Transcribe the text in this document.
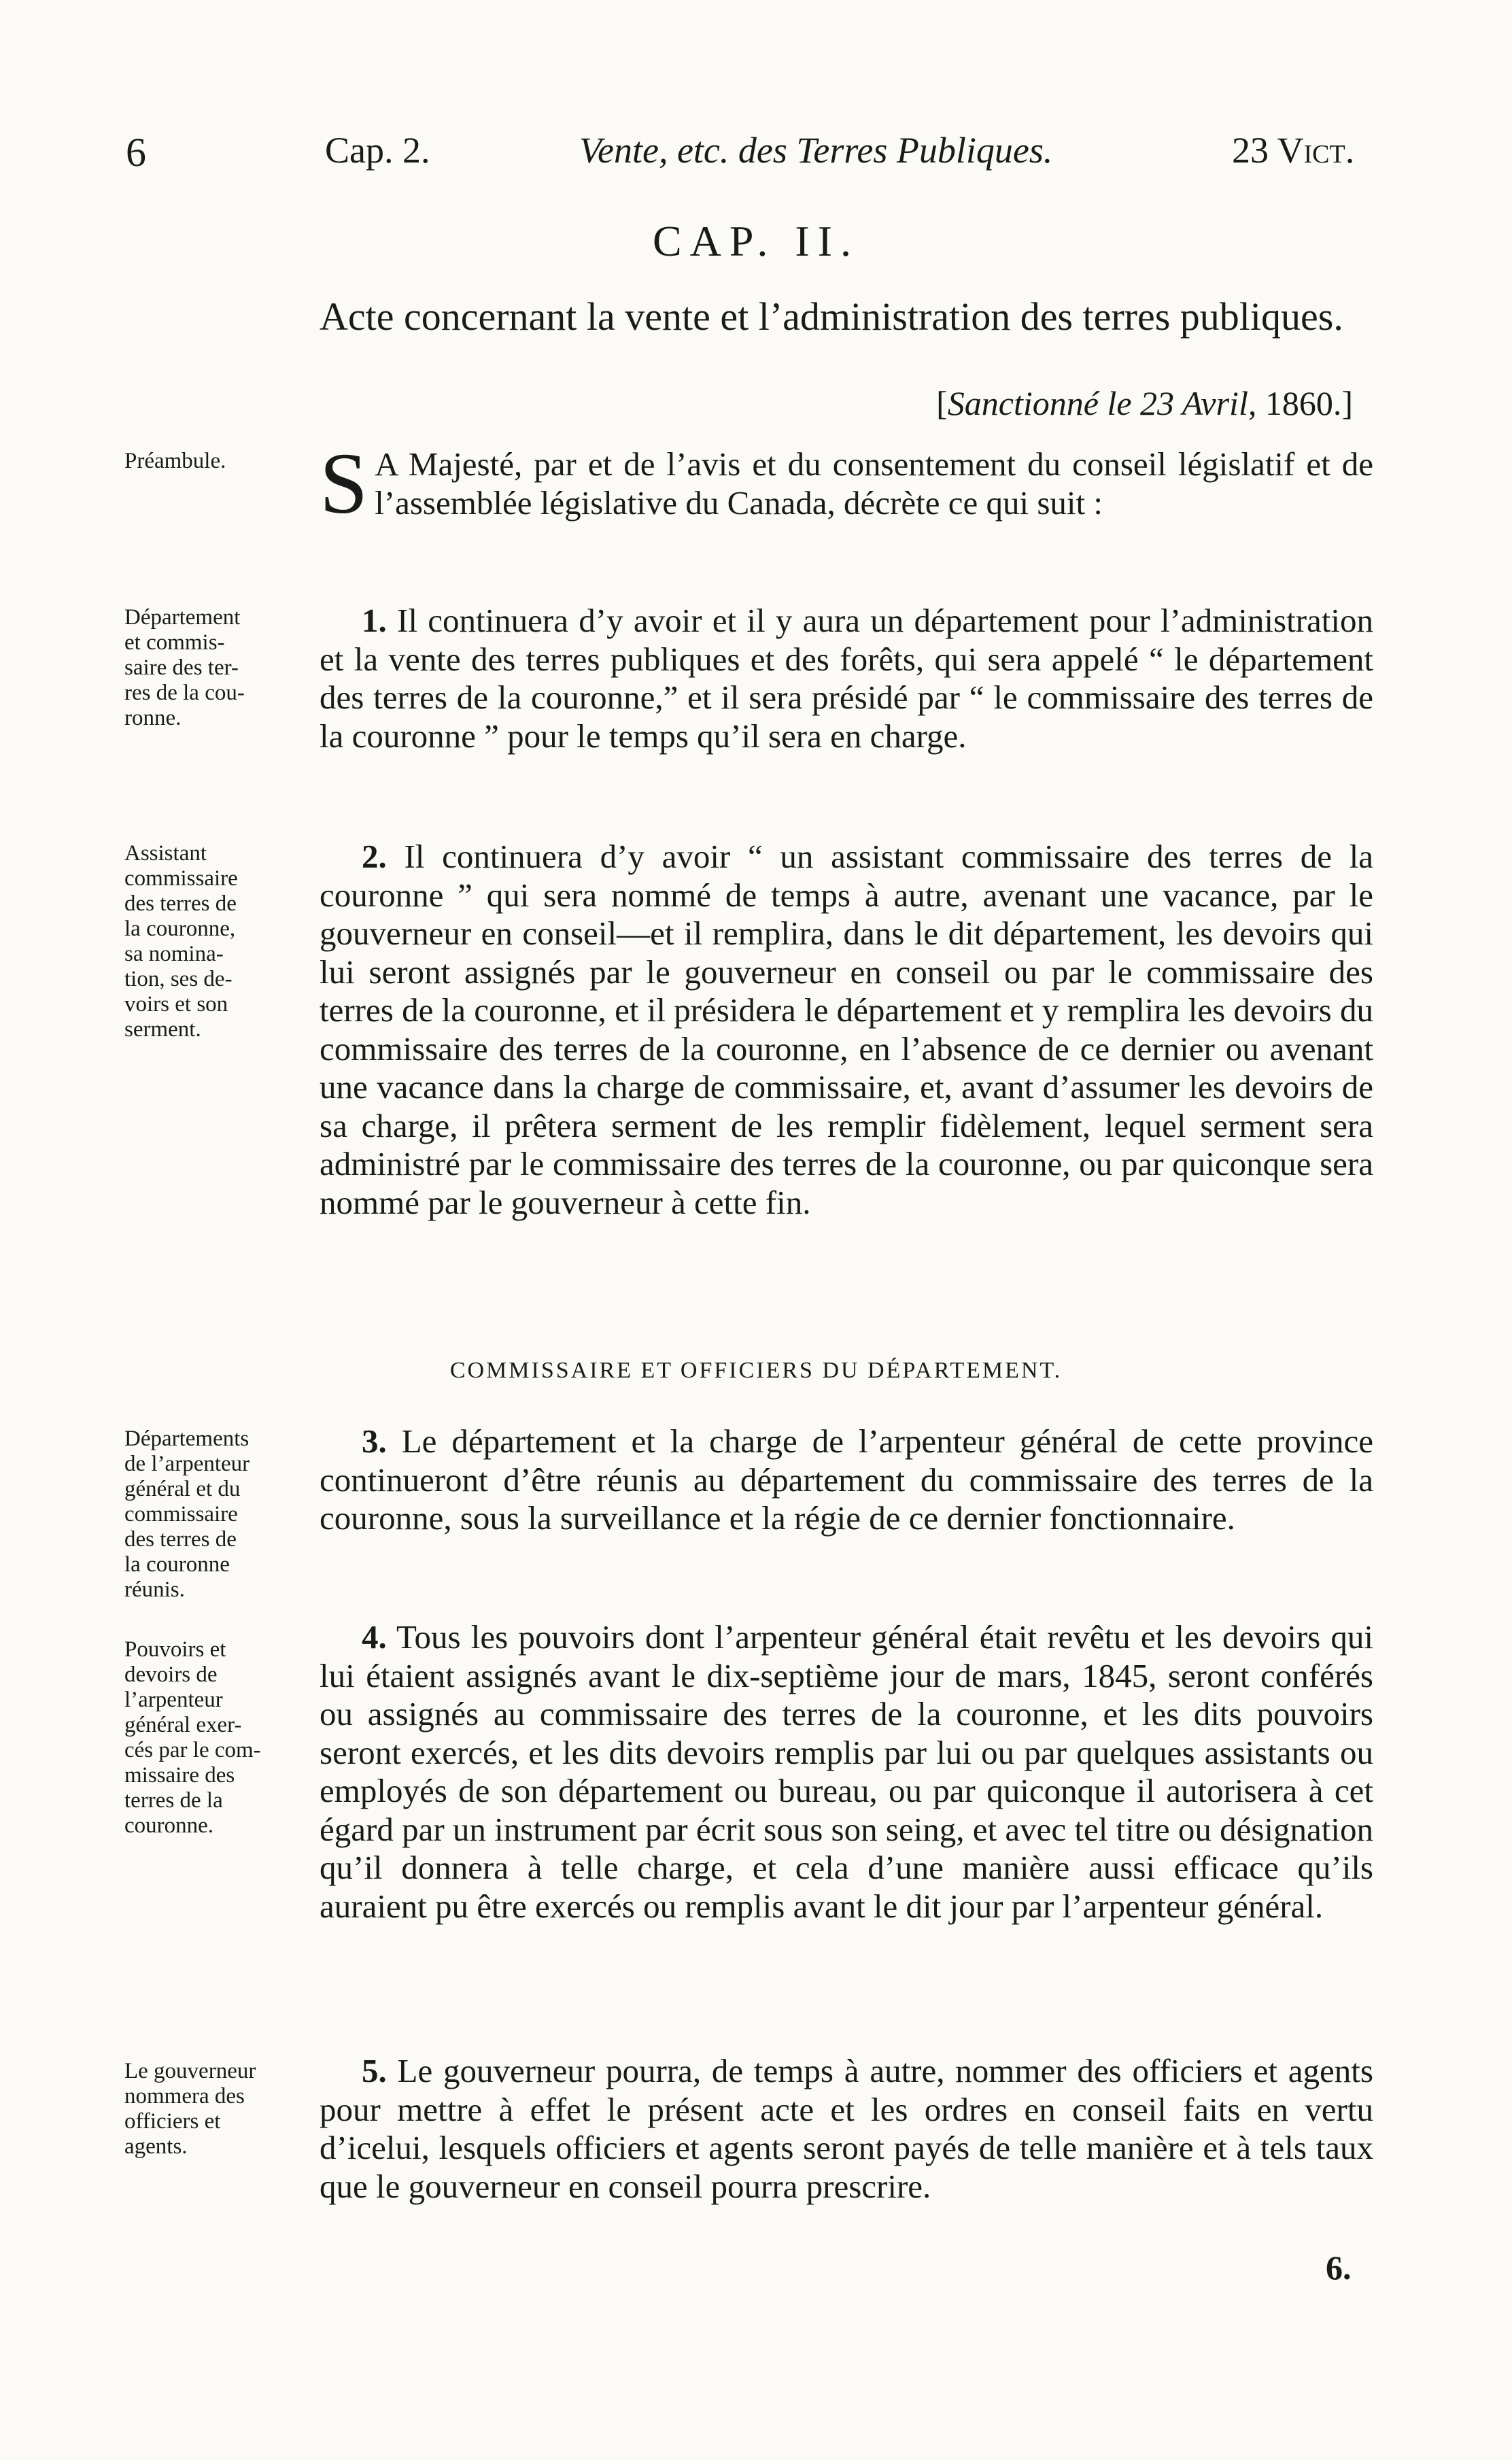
6	Cap. 2.	Vente, etc. des Terres Publiques.	23 Vict.
CAP. II.
Acte concernant la vente et l’administration des terres publiques.
[Sanctionné le 23 Avril, 1860.]
Préambule.	S A Majesté, par et de l’avis et du consentement du conseil législatif et de l’assemblée législative du Canada, décrète ce qui suit :
Département
et commis-
saire des ter-
res de la cou-
ronne.
1. Il continuera d’y avoir et il y aura un département pour l’administration et la vente des terres publiques et des forêts, qui sera appelé “ le département des terres de la couronne,” et il sera présidé par “ le commissaire des terres de la couronne ” pour le temps qu’il sera en charge.
Assistant
commissaire
des terres de
la couronne,
sa nomina-
tion, ses de-
voirs et son
serment.
2. Il continuera d’y avoir “ un assistant commissaire des terres de la couronne ” qui sera nommé de temps à autre, avenant une vacance, par le gouverneur en conseil—et il remplira, dans le dit département, les devoirs qui lui seront assignés par le gouverneur en conseil ou par le commissaire des terres de la couronne, et il présidera le département et y remplira les devoirs du commissaire des terres de la couronne, en l’absence de ce dernier ou avenant une vacance dans la charge de commissaire, et, avant d’assumer les devoirs de sa charge, il prêtera serment de les remplir fidèlement, lequel serment sera administré par le commissaire des terres de la couronne, ou par quiconque sera nommé par le gouverneur à cette fin.
COMMISSAIRE ET OFFICIERS DU DÉPARTEMENT.
Départements
de l’arpenteur
général et du
commissaire
des terres de
la couronne
réunis.
3. Le département et la charge de l’arpenteur général de cette province continueront d’être réunis au département du commissaire des terres de la couronne, sous la surveillance et la régie de ce dernier fonctionnaire.
Pouvoirs et
devoirs de
l’arpenteur
général exer-
cés par le com-
missaire des
terres de la
couronne.
4. Tous les pouvoirs dont l’arpenteur général était revêtu et les devoirs qui lui étaient assignés avant le dix-septième jour de mars, 1845, seront conférés ou assignés au commissaire des terres de la couronne, et les dits pouvoirs seront exercés, et les dits devoirs remplis par lui ou par quelques assistants ou employés de son département ou bureau, ou par quiconque il autorisera à cet égard par un instrument par écrit sous son seing, et avec tel titre ou désignation qu’il donnera à telle charge, et cela d’une manière aussi efficace qu’ils auraient pu être exercés ou remplis avant le dit jour par l’arpenteur général.
Le gouverneur
nommera des
officiers et
agents.
5. Le gouverneur pourra, de temps à autre, nommer des officiers et agents pour mettre à effet le présent acte et les ordres en conseil faits en vertu d’icelui, lesquels officiers et agents seront payés de telle manière et à tels taux que le gouverneur en conseil pourra prescrire.
6.
